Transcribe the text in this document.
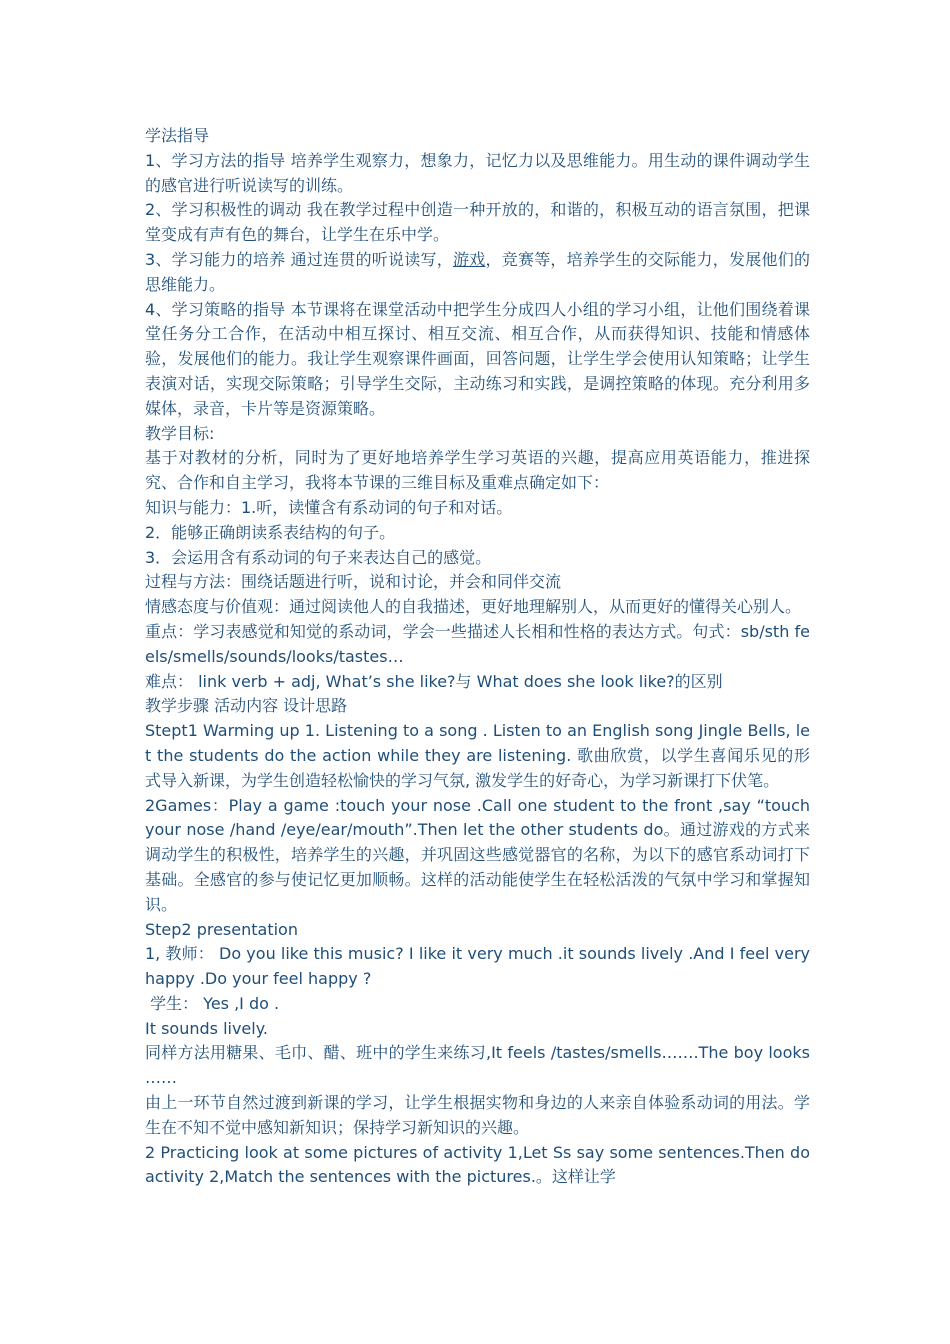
学法指导

1、学习方法的指导 培养学生观察力，想象力，记忆力以及思维能力。用生动的课件调动学生的感官进行听说读写的训练。

2、学习积极性的调动 我在教学过程中创造一种开放的，和谐的，积极互动的语言氛围，把课堂变成有声有色的舞台，让学生在乐中学。

3、学习能力的培养 通过连贯的听说读写，游戏，竞赛等，培养学生的交际能力，发展他们的思维能力。

4、学习策略的指导 本节课将在课堂活动中把学生分成四人小组的学习小组，让他们围绕着课堂任务分工合作，在活动中相互探讨、相互交流、相互合作，从而获得知识、技能和情感体验，发展他们的能力。我让学生观察课件画面，回答问题，让学生学会使用认知策略；让学生表演对话，实现交际策略；引导学生交际，主动练习和实践，是调控策略的体现。充分利用多媒体，录音，卡片等是资源策略。

教学目标:

基于对教材的分析，同时为了更好地培养学生学习英语的兴趣，提高应用英语能力，推进探究、合作和自主学习，我将本节课的三维目标及重难点确定如下：

知识与能力：1.听，读懂含有系动词的句子和对话。

2．能够正确朗读系表结构的句子。

3．会运用含有系动词的句子来表达自己的感觉。

过程与方法：围绕话题进行听，说和讨论，并会和同伴交流

情感态度与价值观：通过阅读他人的自我描述，更好地理解别人，从而更好的懂得关心别人。

重点：学习表感觉和知觉的系动词，学会一些描述人长相和性格的表达方式。句式：sb/sth feels/smells/sounds/looks/tastes…

难点： link verb + adj, What’s she like?与 What does she look like?的区别

教学步骤 活动内容 设计思路

Stept1 Warming up 1. Listening to a song . Listen to an English song Jingle Bells, let the students do the action while they are listening. 歌曲欣赏，以学生喜闻乐见的形式导入新课，为学生创造轻松愉快的学习气氛, 激发学生的好奇心，为学习新课打下伏笔。

2Games：Play a game :touch your nose .Call one student to the front ,say “touch your nose /hand /eye/ear/mouth”.Then let the other students do。通过游戏的方式来调动学生的积极性，培养学生的兴趣，并巩固这些感觉器官的名称，为以下的感官系动词打下基础。全感官的参与使记忆更加顺畅。这样的活动能使学生在轻松活泼的气氛中学习和掌握知识。

Step2 presentation

1, 教师： Do you like this music? I like it very much .it sounds lively .And I feel very happy .Do your feel happy ?

学生： Yes ,I do .

It sounds lively.

同样方法用糖果、毛巾、醋、班中的学生来练习,It feels /tastes/smells…….The boy looks ……

由上一环节自然过渡到新课的学习，让学生根据实物和身边的人来亲自体验系动词的用法。学生在不知不觉中感知新知识；保持学习新知识的兴趣。

2 Practicing look at some pictures of activity 1,Let Ss say some sentences.Then do activity 2,Match the sentences with the pictures.。这样让学
